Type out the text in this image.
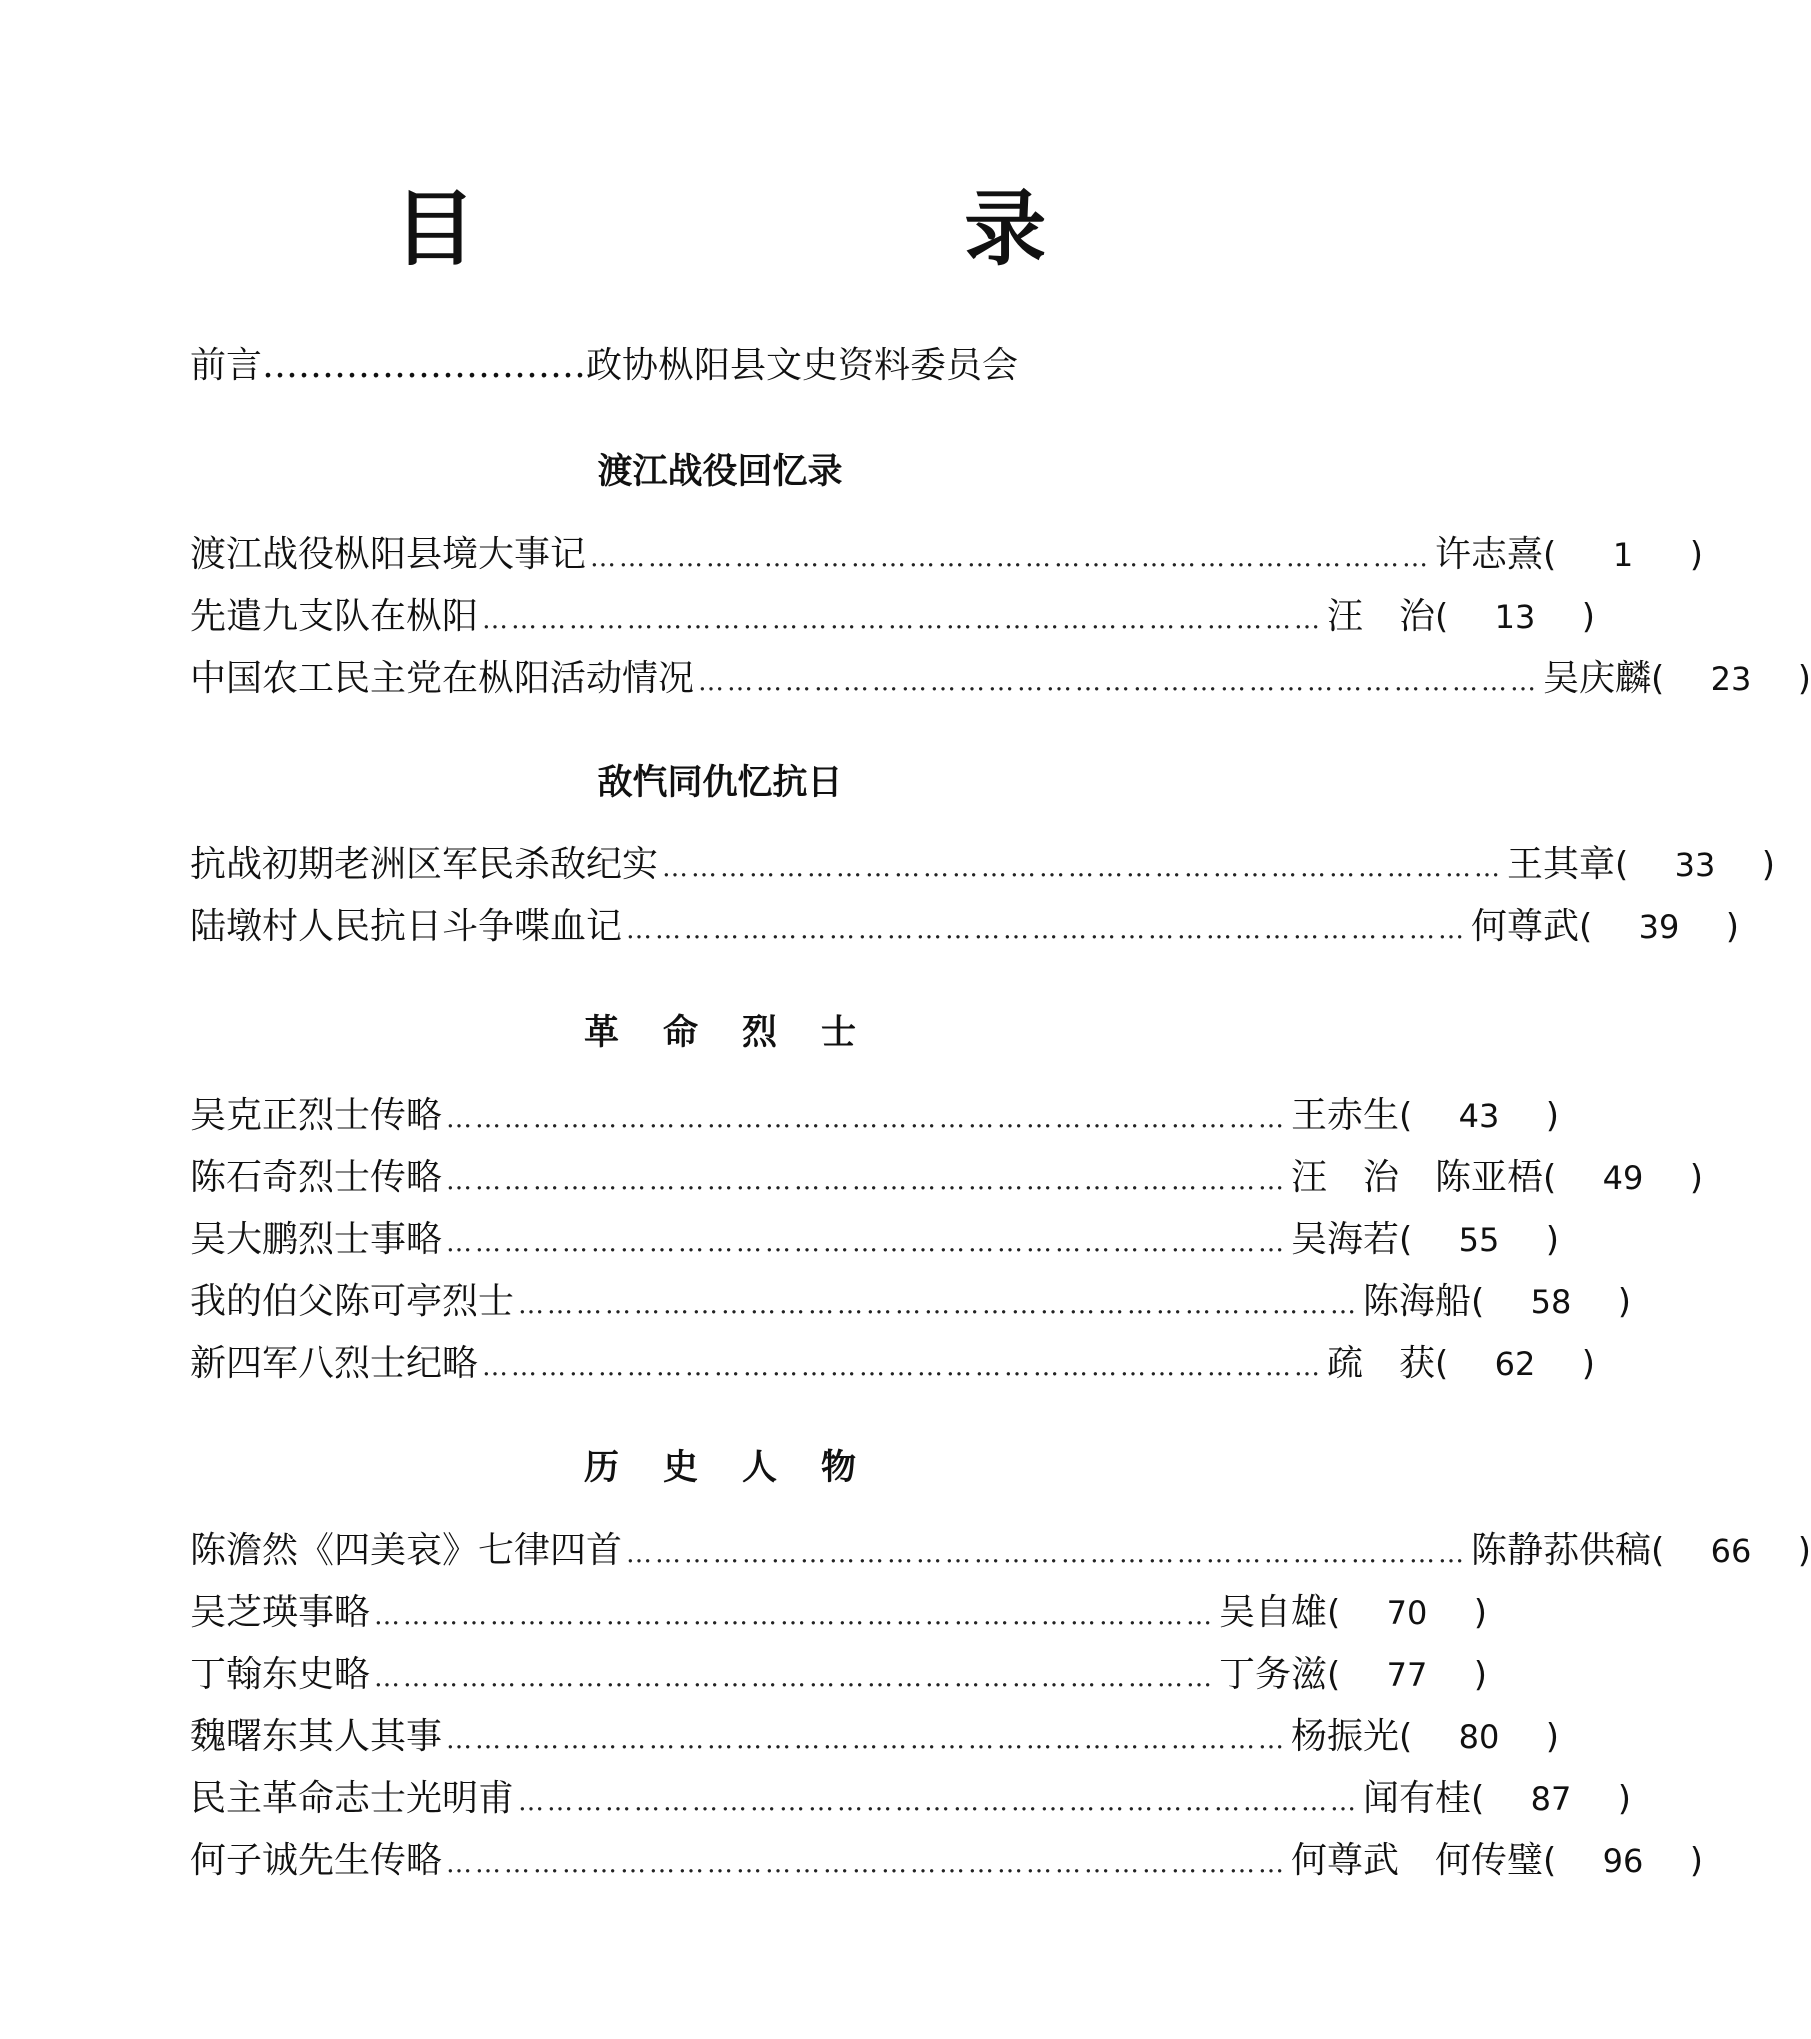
目 录
前言………………………政协枞阳县文史资料委员会
渡江战役回忆录
渡江战役枞阳县境大事记 …………………………………………………………………………… 许志熹 (	1	)
先遣九支队在枞阳 …………………………………………………………………………… 汪　治 (	13	)
中国农工民主党在枞阳活动情况 …………………………………………………………………………… 吴庆麟 (	23	)
敌忾同仇忆抗日
抗战初期老洲区军民杀敌纪实 …………………………………………………………………………… 王其章 (	33	)
陆墩村人民抗日斗争喋血记 …………………………………………………………………………… 何尊武 (	39	)
革命烈士
吴克正烈士传略 …………………………………………………………………………… 王赤生 (	43	)
陈石奇烈士传略 …………………………………………………………………………… 汪　治　陈亚梧 (	49	)
吴大鹏烈士事略 …………………………………………………………………………… 吴海若 (	55	)
我的伯父陈可亭烈士 …………………………………………………………………………… 陈海船 (	58	)
新四军八烈士纪略 …………………………………………………………………………… 疏　获 (	62	)
历史人物
陈澹然《四美哀》七律四首 …………………………………………………………………………… 陈静荪供稿 (	66	)
吴芝瑛事略 …………………………………………………………………………… 吴自雄 (	70	)
丁翰东史略 …………………………………………………………………………… 丁务滋 (	77	)
魏曙东其人其事 …………………………………………………………………………… 杨振光 (	80	)
民主革命志士光明甫 …………………………………………………………………………… 闻有桂 (	87	)
何子诚先生传略 …………………………………………………………………………… 何尊武　何传璧 (	96	)
